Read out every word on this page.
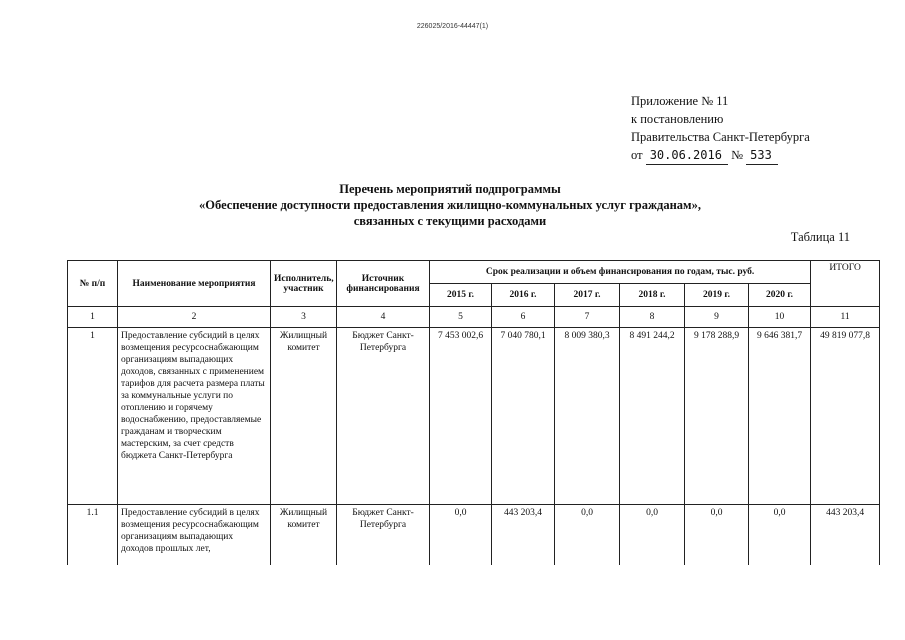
226025/2016-44447(1)
Приложение № 11
к постановлению
Правительства Санкт-Петербурга
от 30.06.2016 № 533
Перечень мероприятий подпрограммы
«Обеспечение доступности предоставления жилищно-коммунальных услуг гражданам»,
связанных с текущими расходами
Таблица 11
№ п/п	Наименование мероприятия	Исполнитель, участник	Источник финансирования	Срок реализации и объем финансирования по годам, тыс. руб.						ИТОГО
				2015 г.	2016 г.	2017 г.	2018 г.	2019 г.	2020 г.	
1	2	3	4	5	6	7	8	9	10	11
1	Предоставление субсидий в целях возмещения ресурсоснабжающим организациям выпадающих доходов, связанных с применением тарифов для расчета размера платы за коммунальные услуги по отоплению и горячему водоснабжению, предоставляемые гражданам и творческим мастерским, за счет средств бюджета Санкт-Петербурга	Жилищный комитет	Бюджет Санкт-Петербурга	7 453 002,6	7 040 780,1	8 009 380,3	8 491 244,2	9 178 288,9	9 646 381,7	49 819 077,8
1.1	Предоставление субсидий в целях возмещения ресурсоснабжающим организациям выпадающих доходов прошлых лет,	Жилищный комитет	Бюджет Санкт-Петербурга	0,0	443 203,4	0,0	0,0	0,0	0,0	443 203,4
